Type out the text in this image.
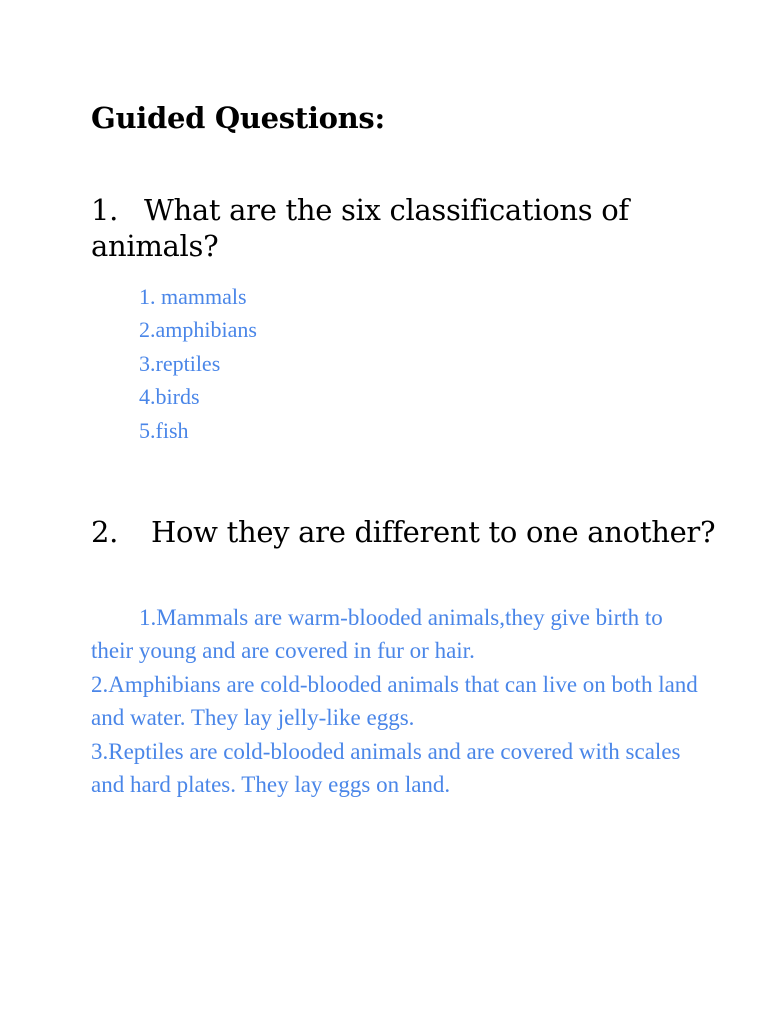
Guided Questions:
1. What are the six classifications of animals?
1. mammals
2.amphibians
3.reptiles
4.birds
5.fish
2. How they are different to one another?

1.Mammals are warm-blooded animals,they give birth to their young and are covered in fur or hair.

2.Amphibians are cold-blooded animals that can live on both land and water. They lay jelly-like eggs.

3.Reptiles are cold-blooded animals and are covered with scales and hard plates. They lay eggs on land.
